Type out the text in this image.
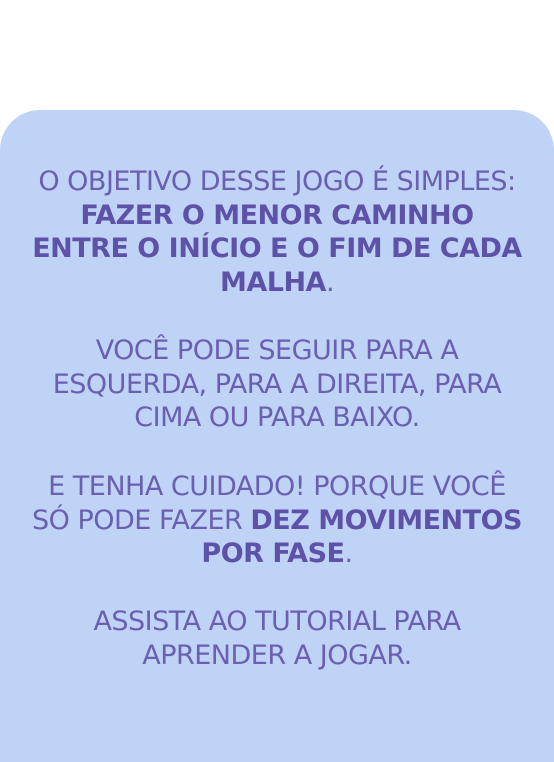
O OBJETIVO DESSE JOGO É SIMPLES: FAZER O MENOR CAMINHO ENTRE O INÍCIO E O FIM DE CADA MALHA.

VOCÊ PODE SEGUIR PARA A ESQUERDA, PARA A DIREITA, PARA CIMA OU PARA BAIXO.

E TENHA CUIDADO! PORQUE VOCÊ SÓ PODE FAZER DEZ MOVIMENTOS POR FASE.

ASSISTA AO TUTORIAL PARA APRENDER A JOGAR.
